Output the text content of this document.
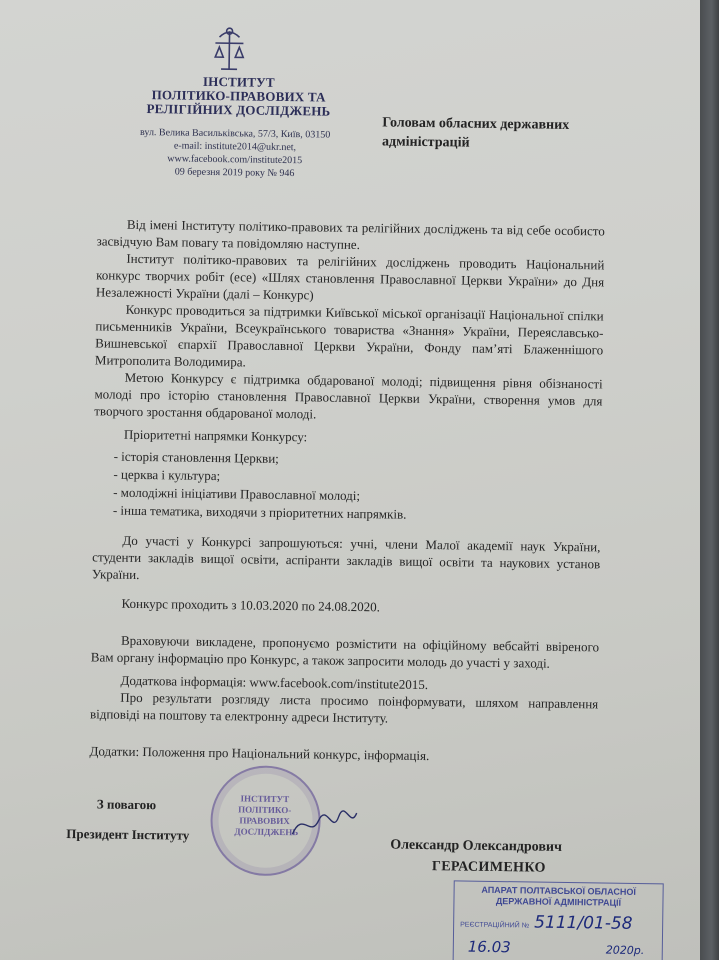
ІНСТИТУТ
ПОЛІТИКО-ПРАВОВИХ ТА
РЕЛІГІЙНИХ ДОСЛІДЖЕНЬ
вул. Велика Васильківська, 57/3, Київ, 03150
e-mail: institute2014@ukr.net,
www.facebook.com/institute2015
09 березня 2019 року № 946
Головам обласних державних
адміністрацій

Від імені Інституту політико-правових та релігійних досліджень та від себе особисто засвідчую Вам повагу та повідомляю наступне.

Інститут політико-правових та релігійних досліджень проводить Національний конкурс творчих робіт (есе) «Шлях становлення Православної Церкви України» до Дня Незалежності України (далі – Конкурс)

Конкурс проводиться за підтримки Київської міської організації Національної спілки письменників України, Всеукраїнського товариства «Знання» України, Переяславсько-Вишневської єпархії Православної Церкви України, Фонду пам’яті Блаженнішого Митрополита Володимира.

Метою Конкурсу є підтримка обдарованої молоді; підвищення рівня обізнаності молоді про історію становлення Православної Церкви України, створення умов для творчого зростання обдарованої молоді.

Пріоритетні напрямки Конкурсу:

- історія становлення Церкви;
- церква і культура;
- молодіжні ініціативи Православної молоді;
- інша тематика, виходячи з пріоритетних напрямків.

До участі у Конкурсі запрошуються: учні, члени Малої академії наук України, студенти закладів вищої освіти, аспіранти закладів вищої освіти та наукових установ України.

Конкурс проходить з 10.03.2020 по 24.08.2020.

Враховуючи викладене, пропонуємо розмістити на офіційному вебсайті ввіреного Вам органу інформацію про Конкурс, а також запросити молодь до участі у заході.

Додаткова інформація: www.facebook.com/institute2015.

Про результати розгляду листа просимо поінформувати, шляхом направлення відповіді на поштову та електронну адреси Інституту.

Додатки: Положення про Національний конкурс, інформація.

ІНСТИТУТ
ПОЛІТИКО-ПРАВОВИХ
ДОСЛІДЖЕНЬ
З повагою
Президент Інституту
Олександр Олександрович
ГЕРАСИМЕНКО
АПАРАТ ПОЛТАВСЬКОЇ ОБЛАСНОЇ
ДЕРЖАВНОЇ АДМІНІСТРАЦІЇ
РЕЄСТРАЦІЙНИЙ № 5111/01-58
16.03	2020р.
